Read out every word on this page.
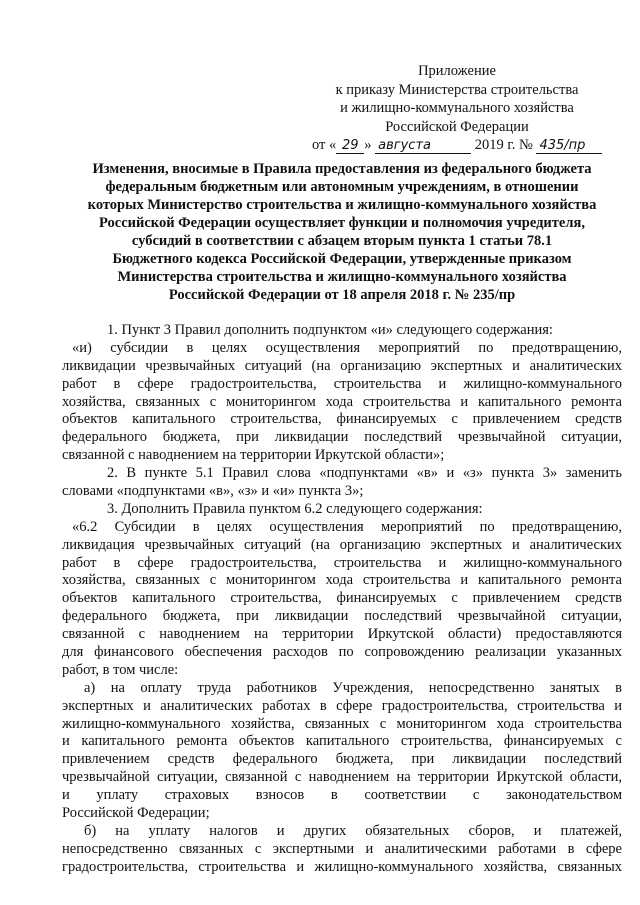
Приложение
к приказу Министерства строительства
и жилищно-коммунального хозяйства
Российской Федерации
от « 29 » августа	2019 г. № 435/пр
Изменения, вносимые в Правила предоставления из федерального бюджета
федеральным бюджетным или автономным учреждениям, в отношении
которых Министерство строительства и жилищно-коммунального хозяйства
Российской Федерации осуществляет функции и полномочия учредителя,
субсидий в соответствии с абзацем вторым пункта 1 статьи 78.1
Бюджетного кодекса Российской Федерации, утвержденные приказом
Министерства строительства и жилищно-коммунального хозяйства
Российской Федерации от 18 апреля 2018 г. № 235/пр
1. Пункт 3 Правил дополнить подпунктом «и» следующего содержания:
«и) субсидии в целях осуществления мероприятий по предотвращению,
ликвидации чрезвычайных ситуаций (на организацию экспертных и аналитических
работ в сфере градостроительства, строительства и жилищно-коммунального
хозяйства, связанных с мониторингом хода строительства и капитального ремонта
объектов капитального строительства, финансируемых с привлечением средств
федерального бюджета, при ликвидации последствий чрезвычайной ситуации,
связанной с наводнением на территории Иркутской области»;
2. В пункте 5.1 Правил слова «подпунктами «в» и «з» пункта 3» заменить
словами «подпунктами «в», «з» и «и» пункта 3»;
3. Дополнить Правила пунктом 6.2 следующего содержания:
«6.2 Субсидии в целях осуществления мероприятий по предотвращению,
ликвидация чрезвычайных ситуаций (на организацию экспертных и аналитических
работ в сфере градостроительства, строительства и жилищно-коммунального
хозяйства, связанных с мониторингом хода строительства и капитального ремонта
объектов капитального строительства, финансируемых с привлечением средств
федерального бюджета, при ликвидации последствий чрезвычайной ситуации,
связанной с наводнением на территории Иркутской области) предоставляются
для финансового обеспечения расходов по сопровождению реализации указанных
работ, в том числе:
а) на оплату труда работников Учреждения, непосредственно занятых в
экспертных и аналитических работах в сфере градостроительства, строительства и
жилищно-коммунального хозяйства, связанных с мониторингом хода строительства
и капитального ремонта объектов капитального строительства, финансируемых с
привлечением средств федерального бюджета, при ликвидации последствий
чрезвычайной ситуации, связанной с наводнением на территории Иркутской области,
и уплату страховых взносов в соответствии с законодательством
Российской Федерации;
б) на уплату налогов и других обязательных сборов, и платежей,
непосредственно связанных с экспертными и аналитическими работами в сфере
градостроительства, строительства и жилищно-коммунального хозяйства, связанных
